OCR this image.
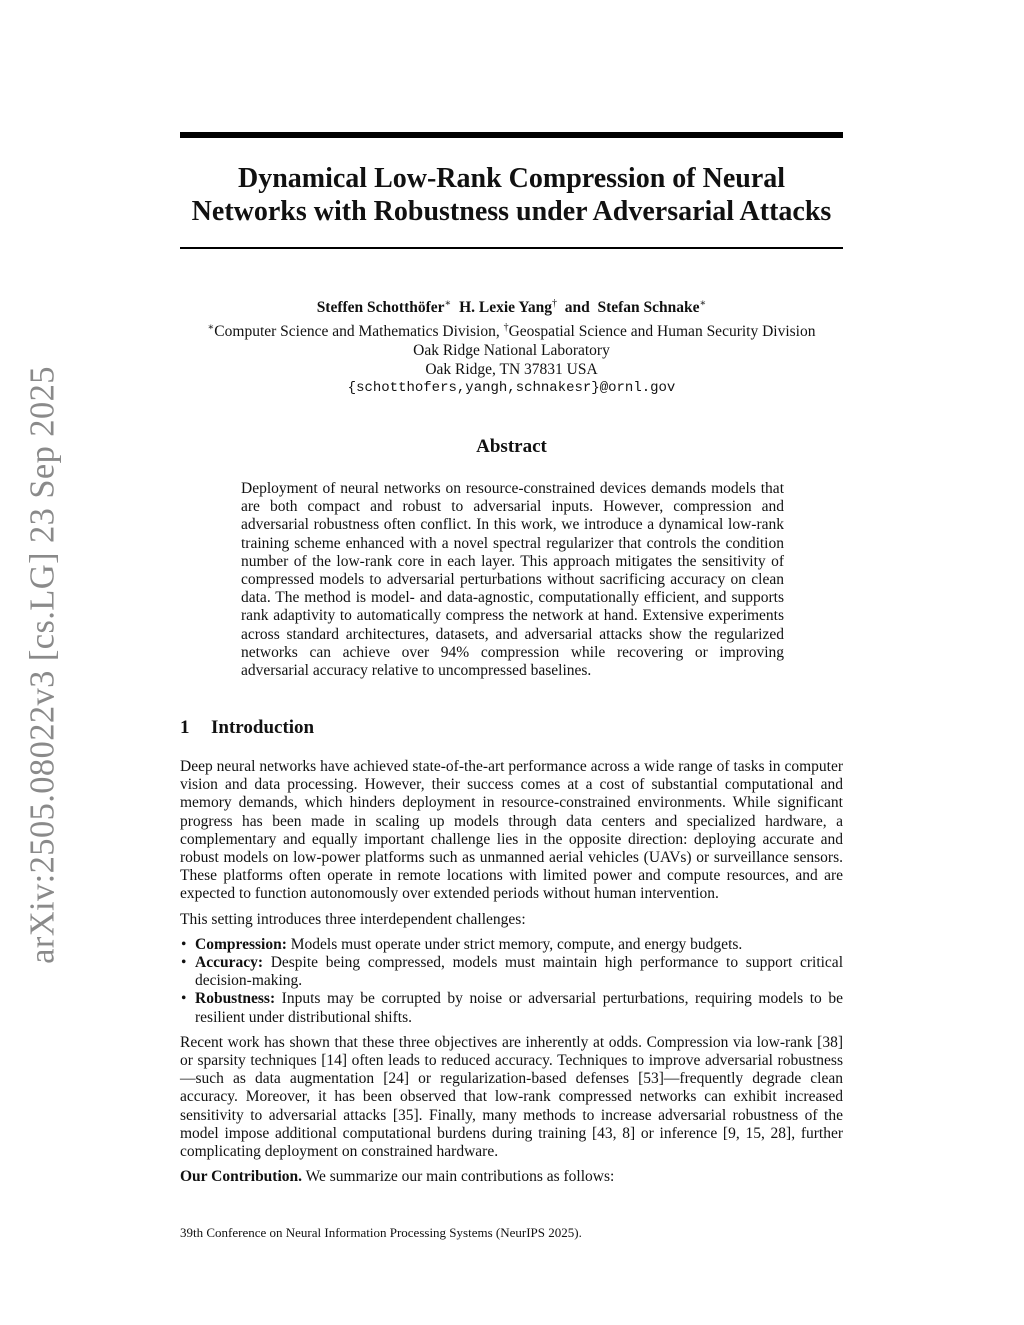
arXiv:2505.08022v3 [cs.LG] 23 Sep 2025
Dynamical Low-Rank Compression of Neural
Networks with Robustness under Adversarial Attacks
Steffen Schotthöfer∗ H. Lexie Yang† and Stefan Schnake∗
∗Computer Science and Mathematics Division, †Geospatial Science and Human Security Division
Oak Ridge National Laboratory
Oak Ridge, TN 37831 USA
{schotthofers,yangh,schnakesr}@ornl.gov
Abstract

Deployment of neural networks on resource-constrained devices demands models that are both compact and robust to adversarial inputs. However, compression and adversarial robustness often conflict. In this work, we introduce a dynamical low-rank training scheme enhanced with a novel spectral regularizer that controls the condition number of the low-rank core in each layer. This approach mitigates the sensitivity of compressed models to adversarial perturbations without sacrificing accuracy on clean data. The method is model- and data-agnostic, computationally efficient, and supports rank adaptivity to automatically compress the network at hand. Extensive experiments across standard architectures, datasets, and adversarial attacks show the regularized networks can achieve over 94% compression while recovering or improving adversarial accuracy relative to uncompressed baselines.

1 Introduction

Deep neural networks have achieved state-of-the-art performance across a wide range of tasks in computer vision and data processing. However, their success comes at a cost of substantial computational and memory demands, which hinders deployment in resource-constrained environments. While significant progress has been made in scaling up models through data centers and specialized hardware, a complementary and equally important challenge lies in the opposite direction: deploying accurate and robust models on low-power platforms such as unmanned aerial vehicles (UAVs) or surveillance sensors. These platforms often operate in remote locations with limited power and compute resources, and are expected to function autonomously over extended periods without human intervention.

This setting introduces three interdependent challenges:

• Compression: Models must operate under strict memory, compute, and energy budgets.
• Accuracy: Despite being compressed, models must maintain high performance to support critical decision-making.
• Robustness: Inputs may be corrupted by noise or adversarial perturbations, requiring models to be resilient under distributional shifts.

Recent work has shown that these three objectives are inherently at odds. Compression via low-rank [38] or sparsity techniques [14] often leads to reduced accuracy. Techniques to improve adversarial robustness—such as data augmentation [24] or regularization-based defenses [53]—frequently degrade clean accuracy. Moreover, it has been observed that low-rank compressed networks can exhibit increased sensitivity to adversarial attacks [35]. Finally, many methods to increase adversarial robustness of the model impose additional computational burdens during training [43, 8] or inference [9, 15, 28], further complicating deployment on constrained hardware.

Our Contribution. We summarize our main contributions as follows:

39th Conference on Neural Information Processing Systems (NeurIPS 2025).
